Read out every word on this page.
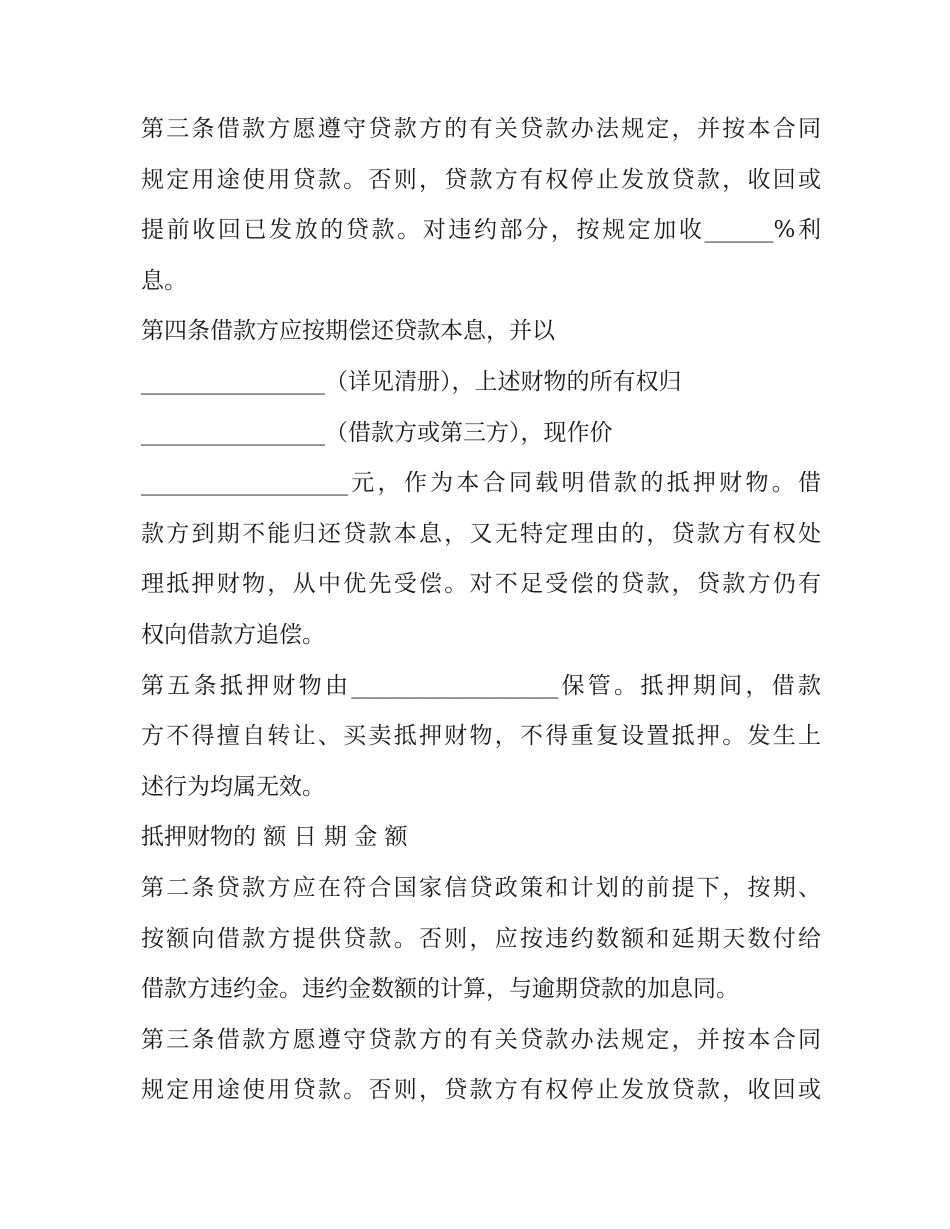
第三条借款方愿遵守贷款方的有关贷款办法规定，并按本合同
规定用途使用贷款。否则，贷款方有权停止发放贷款，收回或
提前收回已发放的贷款。对违约部分，按规定加收______%利
息。
第四条借款方应按期偿还贷款本息，并以
________________（详见清册），上述财物的所有权归
________________（借款方或第三方），现作价
__________________元，作为本合同载明借款的抵押财物。借
款方到期不能归还贷款本息，又无特定理由的，贷款方有权处
理抵押财物，从中优先受偿。对不足受偿的贷款，贷款方仍有
权向借款方追偿。
第五条抵押财物由__________________保管。抵押期间，借款
方不得擅自转让、买卖抵押财物，不得重复设置抵押。发生上
述行为均属无效。
抵押财物的 额 日 期 金 额
第二条贷款方应在符合国家信贷政策和计划的前提下，按期、
按额向借款方提供贷款。否则，应按违约数额和延期天数付给
借款方违约金。违约金数额的计算，与逾期贷款的加息同。
第三条借款方愿遵守贷款方的有关贷款办法规定，并按本合同
规定用途使用贷款。否则，贷款方有权停止发放贷款，收回或
